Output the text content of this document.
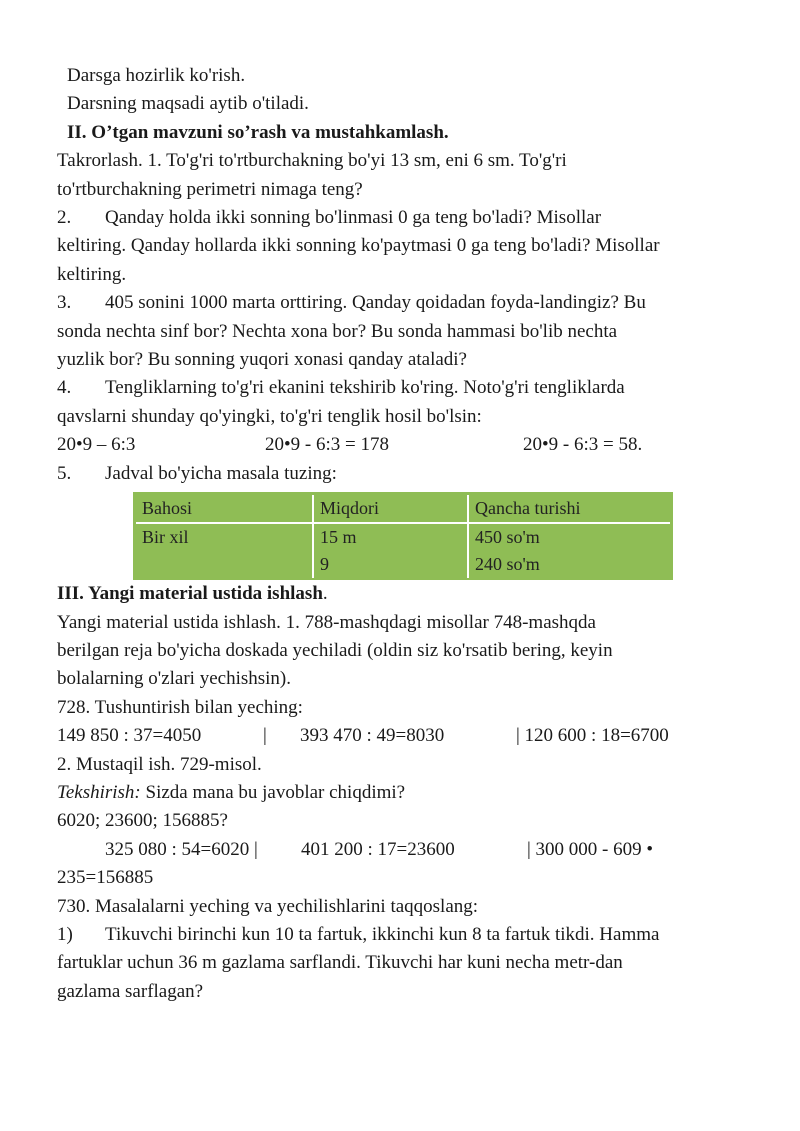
Darsga hozirlik ko'rish.
Darsning maqsadi aytib o'tiladi.
II. O’tgan mavzuni so’rash va mustahkamlash.
Takrorlash. 1. To'g'ri to'rtburchakning bo'yi 13 sm, eni 6 sm. To'g'ri
to'rtburchakning perimetri nimaga teng?
2. Qanday holda ikki sonning bo'linmasi 0 ga teng bo'ladi? Misollar
keltiring. Qanday hollarda ikki sonning ko'paytmasi 0 ga teng bo'ladi? Misollar
keltiring.
3. 405 sonini 1000 marta orttiring. Qanday qoidadan foyda-landingiz? Bu
sonda nechta sinf bor? Nechta xona bor? Bu sonda hammasi bo'lib nechta
yuzlik bor? Bu sonning yuqori xonasi qanday ataladi?
4. Tengliklarning to'g'ri ekanini tekshirib ko'ring. Noto'g'ri tengliklarda
qavslarni shunday qo'yingki, to'g'ri tenglik hosil bo'lsin:
20•9 – 6:3	20•9 - 6:3 = 178	20•9 - 6:3 = 58.
5. Jadval bo'yicha masala tuzing:
Bahosi	Miqdori	Qancha turishi
Bir xil	15 m	450 so'm
	9	240 so'm
III. Yangi material ustida ishlash.
Yangi material ustida ishlash. 1. 788-mashqdagi misollar 748-mashqda
berilgan reja bo'yicha doskada yechiladi (oldin siz ko'rsatib bering, keyin
bolalarning o'zlari yechishsin).
728. Tushuntirish bilan yeching:
149 850 : 37=4050	| 393 470 : 49=8030	| 120 600 : 18=6700
2. Mustaqil ish. 729-misol.
Tekshirish: Sizda mana bu javoblar chiqdimi?
6020; 23600; 156885?
325 080 : 54=6020 | 401 200 : 17=23600	| 300 000 - 609 •
235=156885
730. Masalalarni yeching va yechilishlarini taqqoslang:
1) Tikuvchi birinchi kun 10 ta fartuk, ikkinchi kun 8 ta fartuk tikdi. Hamma
fartuklar uchun 36 m gazlama sarflandi. Tikuvchi har kuni necha metr-dan
gazlama sarflagan?
